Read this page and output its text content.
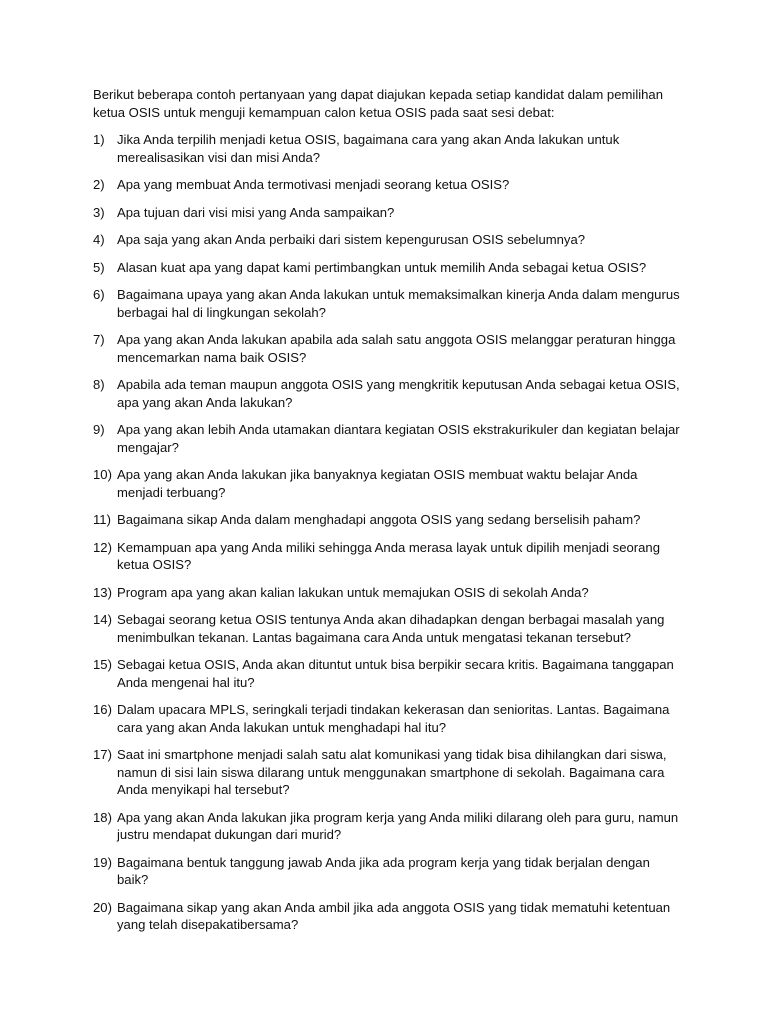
Berikut beberapa contoh pertanyaan yang dapat diajukan kepada setiap kandidat dalam pemilihan ketua OSIS untuk menguji kemampuan calon ketua OSIS pada saat sesi debat:

1) Jika Anda terpilih menjadi ketua OSIS, bagaimana cara yang akan Anda lakukan untuk merealisasikan visi dan misi Anda?
2) Apa yang membuat Anda termotivasi menjadi seorang ketua OSIS?
3) Apa tujuan dari visi misi yang Anda sampaikan?
4) Apa saja yang akan Anda perbaiki dari sistem kepengurusan OSIS sebelumnya?
5) Alasan kuat apa yang dapat kami pertimbangkan untuk memilih Anda sebagai ketua OSIS?
6) Bagaimana upaya yang akan Anda lakukan untuk memaksimalkan kinerja Anda dalam mengurus berbagai hal di lingkungan sekolah?
7) Apa yang akan Anda lakukan apabila ada salah satu anggota OSIS melanggar peraturan hingga mencemarkan nama baik OSIS?
8) Apabila ada teman maupun anggota OSIS yang mengkritik keputusan Anda sebagai ketua OSIS, apa yang akan Anda lakukan?
9) Apa yang akan lebih Anda utamakan diantara kegiatan OSIS ekstrakurikuler dan kegiatan belajar mengajar?
10) Apa yang akan Anda lakukan jika banyaknya kegiatan OSIS membuat waktu belajar Anda menjadi terbuang?
11) Bagaimana sikap Anda dalam menghadapi anggota OSIS yang sedang berselisih paham?
12) Kemampuan apa yang Anda miliki sehingga Anda merasa layak untuk dipilih menjadi seorang ketua OSIS?
13) Program apa yang akan kalian lakukan untuk memajukan OSIS di sekolah Anda?
14) Sebagai seorang ketua OSIS tentunya Anda akan dihadapkan dengan berbagai masalah yang menimbulkan tekanan. Lantas bagaimana cara Anda untuk mengatasi tekanan tersebut?
15) Sebagai ketua OSIS, Anda akan dituntut untuk bisa berpikir secara kritis. Bagaimana tanggapan Anda mengenai hal itu?
16) Dalam upacara MPLS, seringkali terjadi tindakan kekerasan dan senioritas. Lantas. Bagaimana cara yang akan Anda lakukan untuk menghadapi hal itu?
17) Saat ini smartphone menjadi salah satu alat komunikasi yang tidak bisa dihilangkan dari siswa, namun di sisi lain siswa dilarang untuk menggunakan smartphone di sekolah. Bagaimana cara Anda menyikapi hal tersebut?
18) Apa yang akan Anda lakukan jika program kerja yang Anda miliki dilarang oleh para guru, namun justru mendapat dukungan dari murid?
19) Bagaimana bentuk tanggung jawab Anda jika ada program kerja yang tidak berjalan dengan baik?
20) Bagaimana sikap yang akan Anda ambil jika ada anggota OSIS yang tidak mematuhi ketentuan yang telah disepakatibersama?
